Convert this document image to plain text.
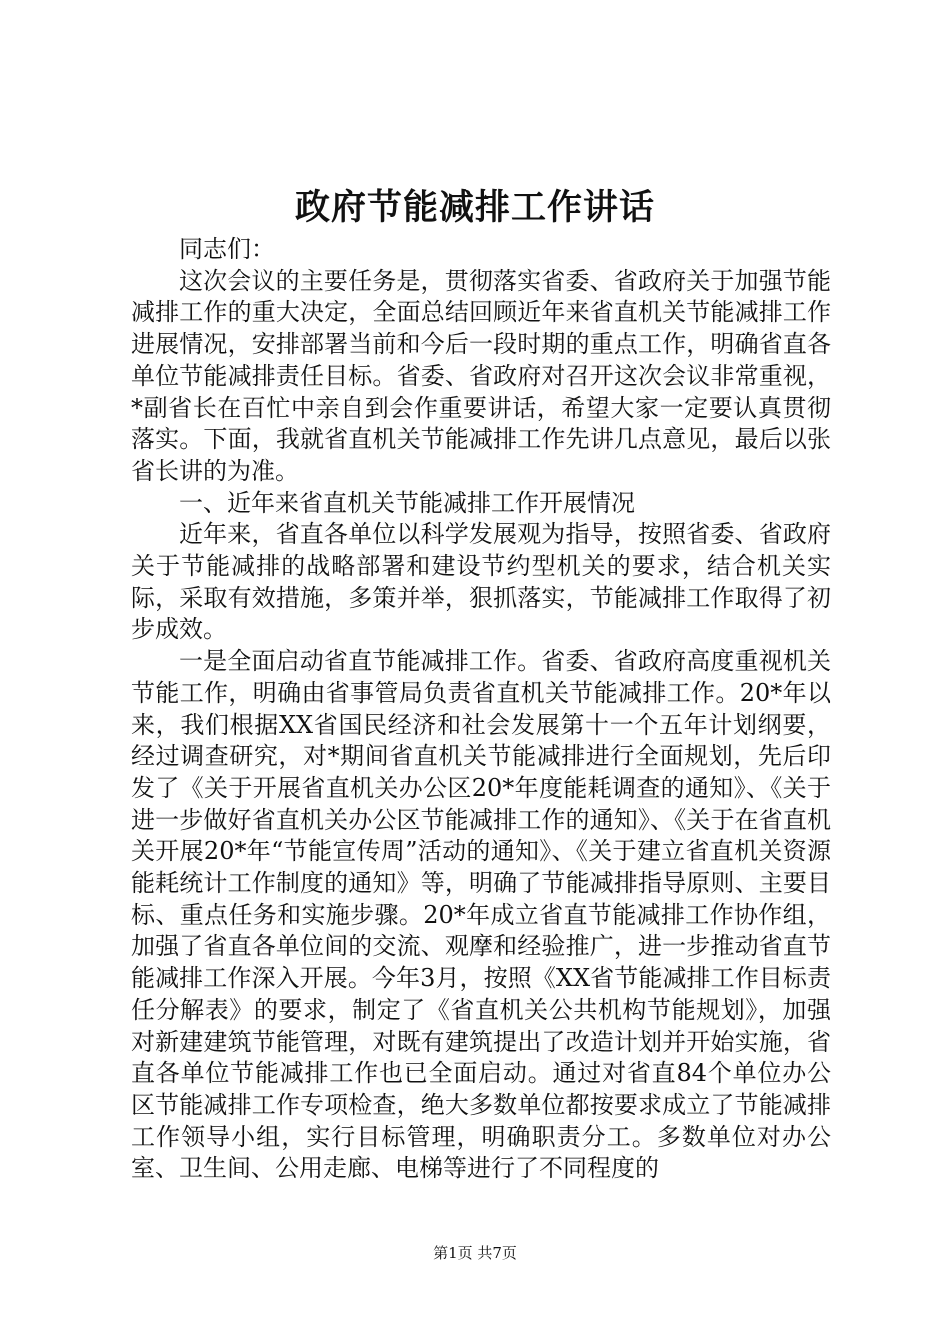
政府节能减排工作讲话

同志们：

这次会议的主要任务是，贯彻落实省委、省政府关于加强节能减排工作的重大决定，全面总结回顾近年来省直机关节能减排工作进展情况，安排部署当前和今后一段时期的重点工作，明确省直各单位节能减排责任目标。省委、省政府对召开这次会议非常重视，*副省长在百忙中亲自到会作重要讲话，希望大家一定要认真贯彻落实。下面，我就省直机关节能减排工作先讲几点意见，最后以张省长讲的为准。

一、近年来省直机关节能减排工作开展情况

近年来，省直各单位以科学发展观为指导，按照省委、省政府关于节能减排的战略部署和建设节约型机关的要求，结合机关实际，采取有效措施，多策并举，狠抓落实，节能减排工作取得了初步成效。

一是全面启动省直节能减排工作。省委、省政府高度重视机关节能工作，明确由省事管局负责省直机关节能减排工作。20*年以来，我们根据XX省国民经济和社会发展第十一个五年计划纲要，经过调查研究，对*期间省直机关节能减排进行全面规划，先后印发了《关于开展省直机关办公区20*年度能耗调查的通知》、《关于进一步做好省直机关办公区节能减排工作的通知》、《关于在省直机关开展20*年“节能宣传周”活动的通知》、《关于建立省直机关资源能耗统计工作制度的通知》等，明确了节能减排指导原则、主要目标、重点任务和实施步骤。20*年成立省直节能减排工作协作组，加强了省直各单位间的交流、观摩和经验推广，进一步推动省直节能减排工作深入开展。今年3月，按照《XX省节能减排工作目标责任分解表》的要求，制定了《省直机关公共机构节能规划》，加强对新建建筑节能管理，对既有建筑提出了改造计划并开始实施，省直各单位节能减排工作也已全面启动。通过对省直84个单位办公区节能减排工作专项检查，绝大多数单位都按要求成立了节能减排工作领导小组，实行目标管理，明确职责分工。多数单位对办公室、卫生间、公用走廊、电梯等进行了不同程度的

第1页 共7页
